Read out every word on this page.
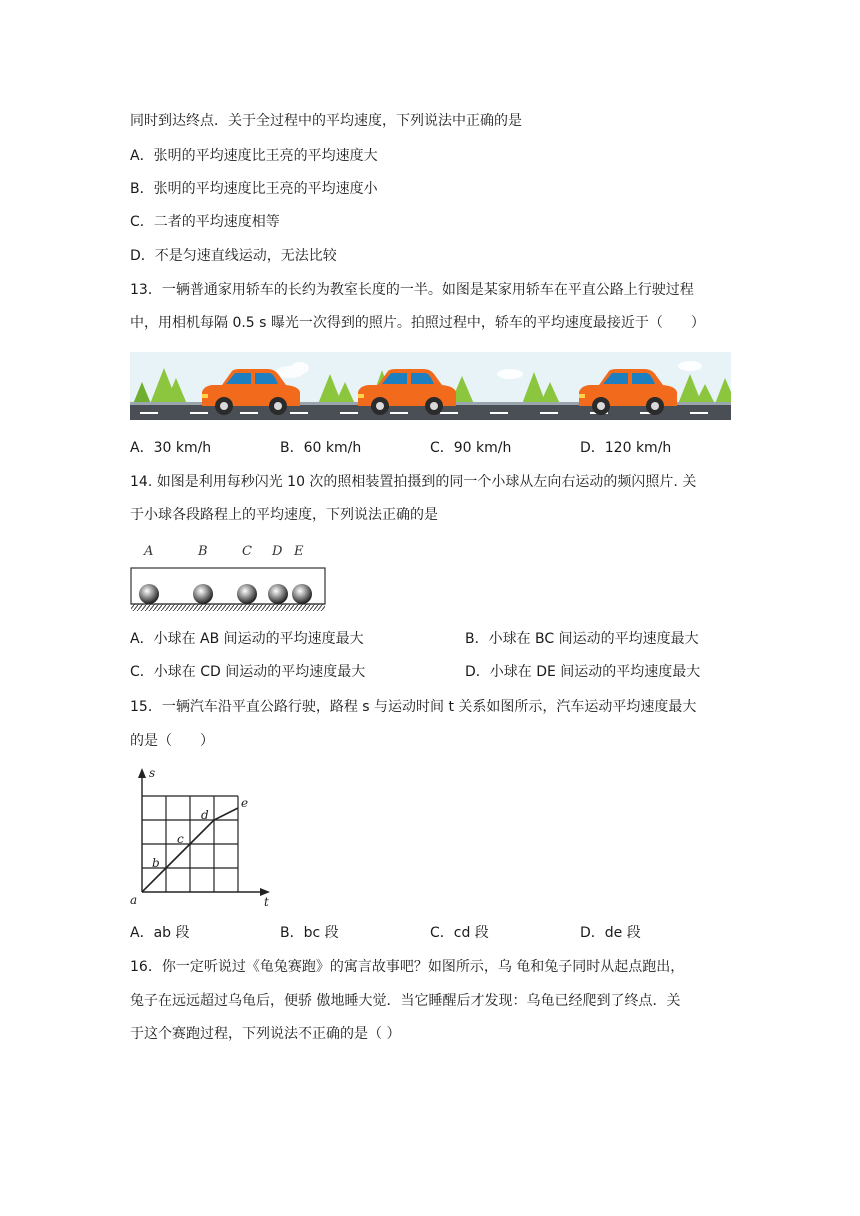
同时到达终点．关于全过程中的平均速度，下列说法中正确的是
A．张明的平均速度比王亮的平均速度大
B．张明的平均速度比王亮的平均速度小
C．二者的平均速度相等
D．不是匀速直线运动，无法比较
13．一辆普通家用轿车的长约为教室长度的一半。如图是某家用轿车在平直公路上行驶过程
中，用相机每隔 0.5 s 曝光一次得到的照片。拍照过程中，轿车的平均速度最接近于（　　）
A．30 km/h	B．60 km/h	C．90 km/h	D．120 km/h
14. 如图是利用每秒闪光 10 次的照相装置拍摄到的同一个小球从左向右运动的频闪照片. 关
于小球各段路程上的平均速度，下列说法正确的是
A	B	C D E
A．小球在 AB 间运动的平均速度最大	B．小球在 BC 间运动的平均速度最大
C．小球在 CD 间运动的平均速度最大	D．小球在 DE 间运动的平均速度最大
15．一辆汽车沿平直公路行驶，路程 s 与运动时间 t 关系如图所示，汽车运动平均速度最大
的是（　　）
s
t
a
b
c
d
e
A．ab 段	B．bc 段	C．cd 段	D．de 段
16．你一定听说过《龟兔赛跑》的寓言故事吧？如图所示，乌 龟和兔子同时从起点跑出，
兔子在远远超过乌龟后，便骄 傲地睡大觉．当它睡醒后才发现：乌龟已经爬到了终点．关
于这个赛跑过程，下列说法不正确的是（ ）
